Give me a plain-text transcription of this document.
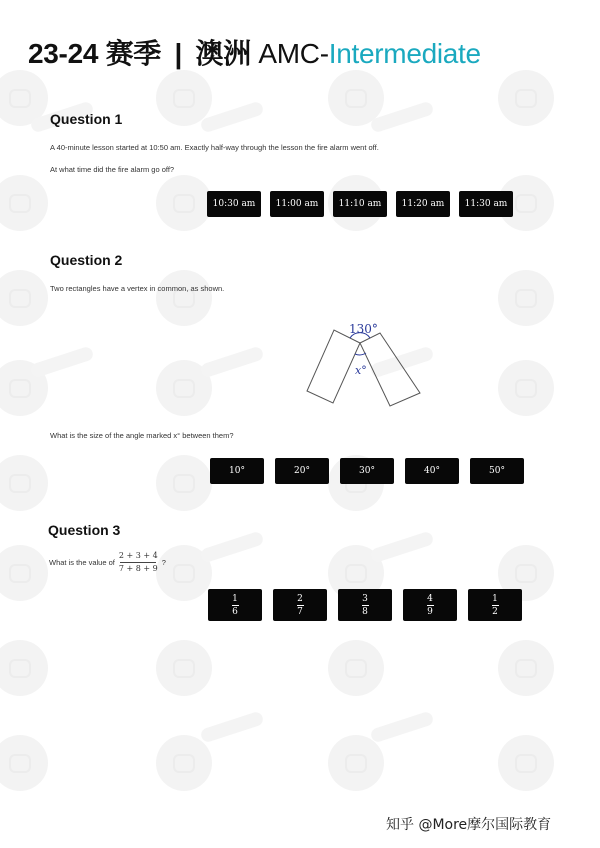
23-24 赛季 | 澳洲 AMC-Intermediate
Question 1
A 40-minute lesson started at 10:50 am. Exactly half-way through the lesson the fire alarm went off.
At what time did the fire alarm go off?
10:30 am	11:00 am	11:10 am	11:20 am	11:30 am
Question 2
Two rectangles have a vertex in common, as shown.
130°
x°
What is the size of the angle marked x° between them?
10°	20°	30°	40°	50°
Question 3
What is the value of
2 + 3 + 4
7 + 8 + 9
?
$\frac{1}{6}$	$\frac{2}{7}$	$\frac{3}{8}$	$\frac{4}{9}$	$\frac{1}{2}$
知乎 @More摩尔国际教育
